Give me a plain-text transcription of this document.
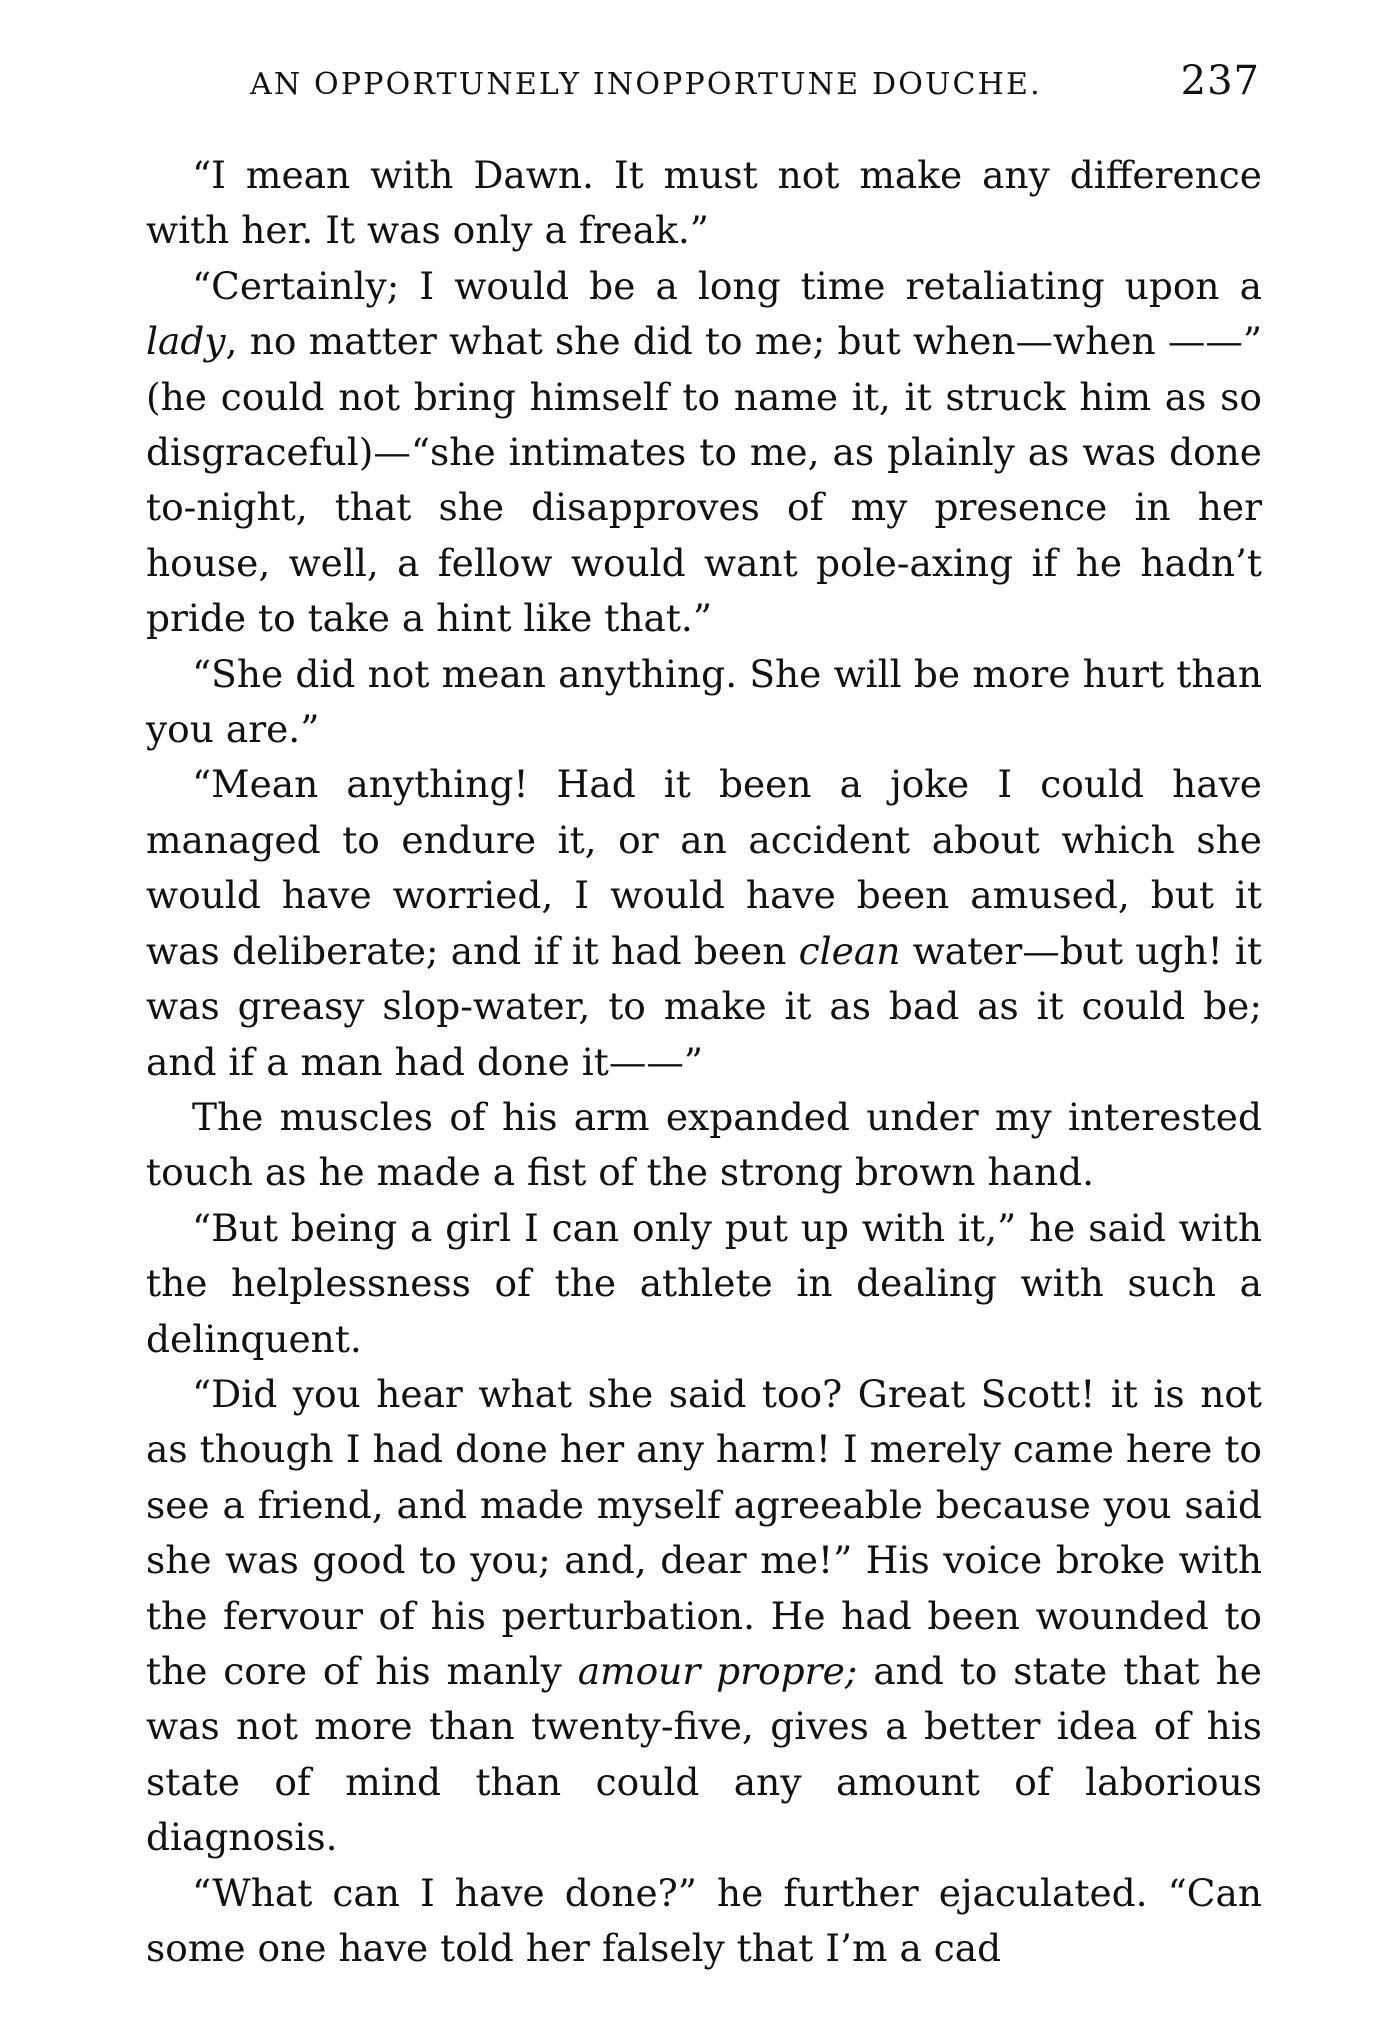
AN OPPORTUNELY INOPPORTUNE DOUCHE.	237

“I mean with Dawn. It must not make any difference with her. It was only a freak.”

“Certainly; I would be a long time retaliating upon a lady, no matter what she did to me; but when—when ——” (he could not bring himself to name it, it struck him as so disgraceful)—“she intimates to me, as plainly as was done to-night, that she disapproves of my presence in her house, well, a fellow would want pole-axing if he hadn’t pride to take a hint like that.”

“She did not mean anything. She will be more hurt than you are.”

“Mean anything! Had it been a joke I could have managed to endure it, or an accident about which she would have worried, I would have been amused, but it was deliberate; and if it had been clean water—but ugh! it was greasy slop-water, to make it as bad as it could be; and if a man had done it——”

The muscles of his arm expanded under my interested touch as he made a fist of the strong brown hand.

“But being a girl I can only put up with it,” he said with the helplessness of the athlete in dealing with such a delinquent.

“Did you hear what she said too? Great Scott! it is not as though I had done her any harm! I merely came here to see a friend, and made myself agreeable because you said she was good to you; and, dear me!” His voice broke with the fervour of his perturbation. He had been wounded to the core of his manly amour propre; and to state that he was not more than twenty-five, gives a better idea of his state of mind than could any amount of laborious diagnosis.

“What can I have done?” he further ejaculated. “Can some one have told her falsely that I’m a cad
